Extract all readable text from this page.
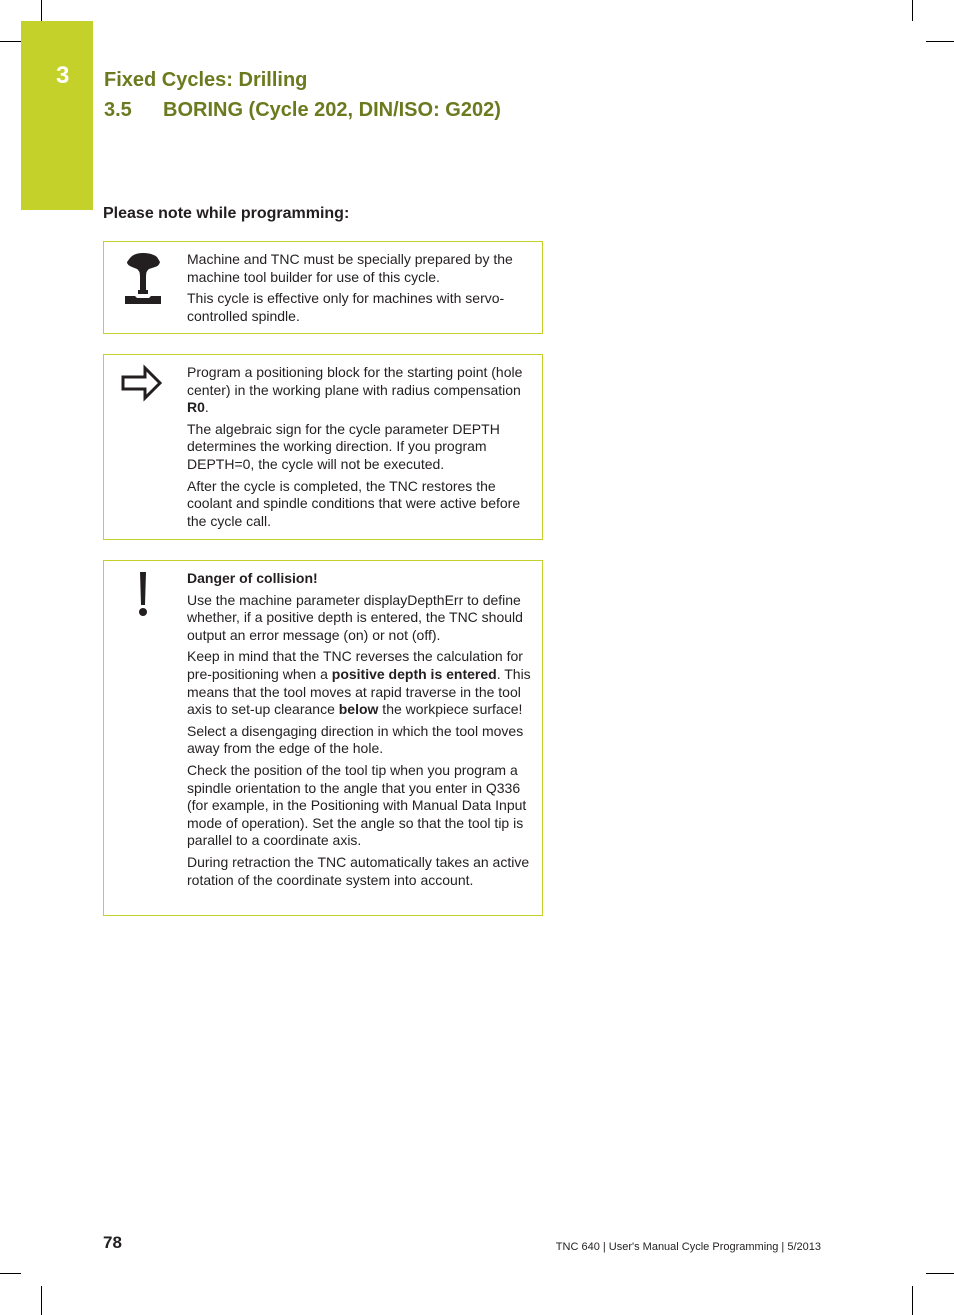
3 Fixed Cycles: Drilling
3.5 BORING (Cycle 202, DIN/ISO: G202)
Please note while programming:

Machine and TNC must be specially prepared by the machine tool builder for use of this cycle.

This cycle is effective only for machines with servo-controlled spindle.

Program a positioning block for the starting point (hole center) in the working plane with radius compensation R0.

The algebraic sign for the cycle parameter DEPTH determines the working direction. If you program DEPTH=0, the cycle will not be executed.

After the cycle is completed, the TNC restores the coolant and spindle conditions that were active before the cycle call.

Danger of collision!

Use the machine parameter displayDepthErr to define whether, if a positive depth is entered, the TNC should output an error message (on) or not (off).

Keep in mind that the TNC reverses the calculation for pre-positioning when a positive depth is entered. This means that the tool moves at rapid traverse in the tool axis to set-up clearance below the workpiece surface!

Select a disengaging direction in which the tool moves away from the edge of the hole.

Check the position of the tool tip when you program a spindle orientation to the angle that you enter in Q336 (for example, in the Positioning with Manual Data Input mode of operation). Set the angle so that the tool tip is parallel to a coordinate axis.

During retraction the TNC automatically takes an active rotation of the coordinate system into account.

78	TNC 640 | User's Manual Cycle Programming | 5/2013
